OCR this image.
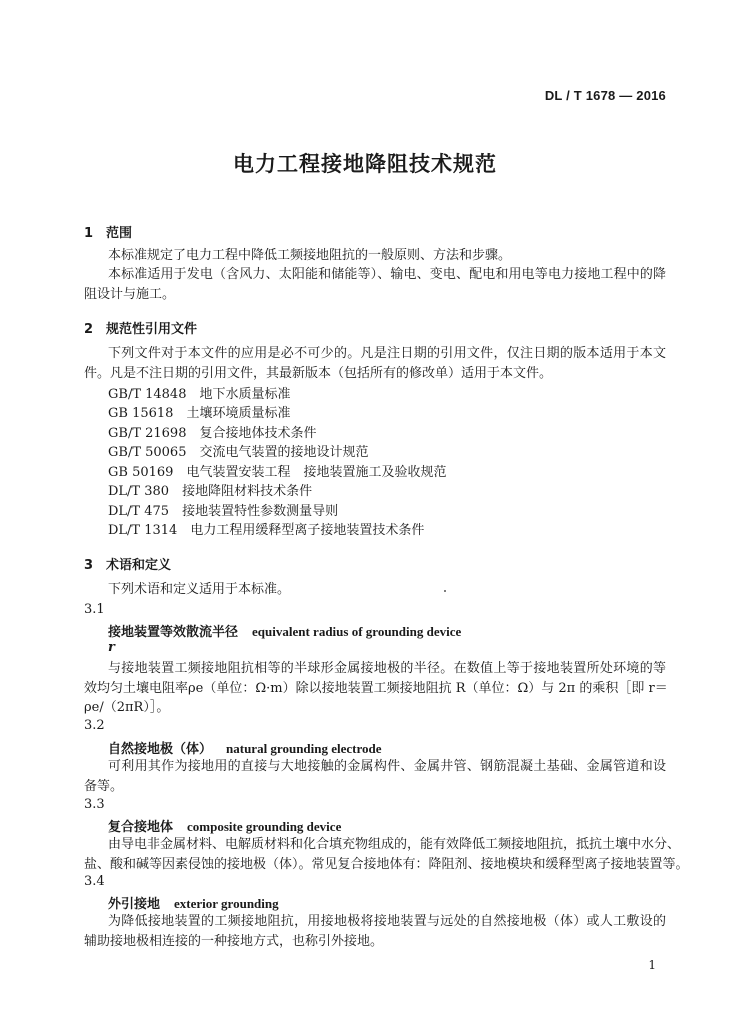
DL / T 1678 — 2016
电力工程接地降阻技术规范
1 范围
本标准规定了电力工程中降低工频接地阻抗的一般原则、方法和步骤。
本标准适用于发电（含风力、太阳能和储能等）、输电、变电、配电和用电等电力接地工程中的降
阻设计与施工。
2 规范性引用文件
下列文件对于本文件的应用是必不可少的。凡是注日期的引用文件，仅注日期的版本适用于本文
件。凡是不注日期的引用文件，其最新版本（包括所有的修改单）适用于本文件。
GB/T 14848　 地下水质量标准
GB 15618　 土壤环境质量标准
GB/T 21698　 复合接地体技术条件
GB/T 50065　 交流电气装置的接地设计规范
GB 50169　 电气装置安装工程　接地装置施工及验收规范
DL/T 380　 接地降阻材料技术条件
DL/T 475　 接地装置特性参数测量导则
DL/T 1314　 电力工程用缓释型离子接地装置技术条件
3 术语和定义
下列术语和定义适用于本标准。
3.1
接地装置等效散流半径 equivalent radius of grounding device
r
与接地装置工频接地阻抗相等的半球形金属接地极的半径。在数值上等于接地装置所处环境的等
效均匀土壤电阻率ρe（单位：Ω·m）除以接地装置工频接地阻抗 R（单位：Ω）与 2π 的乘积［即 r＝
ρe/（2πR）］。
3.2
自然接地极（体） natural grounding electrode
可利用其作为接地用的直接与大地接触的金属构件、金属井管、钢筋混凝土基础、金属管道和设
备等。
3.3
复合接地体 composite grounding device
由导电非金属材料、电解质材料和化合填充物组成的，能有效降低工频接地阻抗，抵抗土壤中水分、
盐、酸和碱等因素侵蚀的接地极（体）。常见复合接地体有：降阻剂、接地模块和缓释型离子接地装置等。
3.4
外引接地 exterior grounding
为降低接地装置的工频接地阻抗，用接地极将接地装置与远处的自然接地极（体）或人工敷设的
辅助接地极相连接的一种接地方式，也称引外接地。
1
